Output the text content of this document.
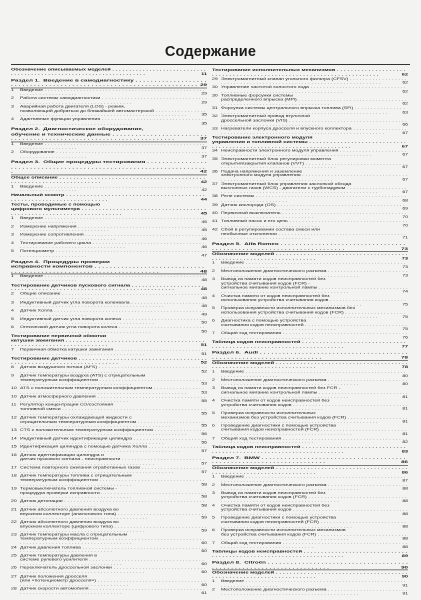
Содержание
Обозначение описываемых моделей . . .
11
Раздел 1.  Введение в самодиагностику . . .
29
1 Введение . . .
29
2 Работа системы самодиагностики . . .
29
3 Аварийная работа двигателя (LOS) - режим,
позволяющий добраться до ближайшей автомастерской . . .
35
4 Адаптивные функции управления . . .
35
Раздел 2.  Диагностическое оборудование,
обучение и технические данные . . .
37
1 Введение . . .
37
2 Оборудование . . .
37
Раздел 3.  Общие процедуры тестирования . . .
42
Общее описание . . .
42
1 Введение . . .
42
Начальный осмотр . . .
44
Тесты, проводимые с помощью
цифрового мультиметра . . .
45
1 Введение . . .
45
2 Измерение напряжения . . .
45
3 Измерение сопротивления . . .
46
4 Тестирование рабочего цикла . . .
46
5 Потенциометр . . .
47
Раздел 4.  Процедуры проверки
исправности компонентов . . .
48
1 Введение . . .
48
Тестирование датчиков пускового сигнала . . .
48
2 Общие описание . . .
48
3 Индуктивный датчик угла поворота коленвала . . .
48
4 Датчик Холла . . .
49
5 Индуктивный датчик угла поворота колесa . . .
50
6 Оптический датчик угла поворота колеса . . .
50
Тестирование первичной обмотки
катушки зажигания . . .
51
7 Первичная обмотка катушки зажигания . . .
51
Тестирование датчиков . . .
52
8 Датчик воздушного потока (AFS) . . .
52
9 Датчик температуры воздуха (ATS) с отрицательным
температурным коэффициентом . . .
53
10 ATS с положительным температурным коэффициентом . . .
53
10 Датчик атмосферного давления . . .
55
11 Регулятор концентрации СО/состояния
топливной смеси . . .
55
12 Датчик температуры охлаждающей жидкости с
отрицательным температурным коэффициентом . . .
55
13 CTS с положительным температурным коэффициентом . . .
56
14 Индуктивный датчик идентификации цилиндра . . .
56
15 Идентификация цилиндра с помощью датчика Холла . . .
57
16 Датчик идентификации цилиндра и
датчик пускового сигнала - неисправности . . .
57
17 Система повторного сжигания отработанных газов . . .
57
18 Датчик температуры топлива с отрицательным
температурным коэффициентом . . .
58
19 Термовыключатель топливной системы -
процедура проверки исправности . . .
58
20 Датчик детонации . . .
58
21 Датчик абсолютного давления воздуха во
впускном коллекторе (аналогового типа) . . .
59
22 Датчик абсолютного давления воздуха во
впускном коллекторе (цифрового типа) . . .
59
23 Датчик температуры масла с отрицательным
температурным коэффициентом . . .
60
24 Датчик давления топлива . . .
60
25 Датчик температуры давления в
системе рулевого усилителя . . .
60
26 Переключатель дроссельной заслонки . . .
60
27 Датчик положения дросселя
(или «потенциометр дросселя») . . .
60
28 Датчик скорости автомобиля . . .
61
Тестирование исполнительных механизмов . . .
62
29 Электромагнитный клапан угольного фильтра (CFSV) . . .
62
30 Управление частотой холостого хода . . .
62
30 Топливные форсунки системы
распределенного впрыска (MPi) . . .
62
31 Форсунка системы центрального впрыска топлива (SFi) . . .
63
32 Электромагнитный привод втулочной
дроссельной заслонки (VIS) . . .
66
33 Нагреватели корпуса дросселя и впускного коллектора . . .
67
Тестирование электронного модуля
управления и топливной системы . . .
67
34 Неисправности электронного модуля управления . . .
67
35 Электромагнитный блок регулировки момента
открытия/закрытия клапанов (VVT) . . .
67
36 Подача напряжения и заземление
электронного модуля управления . . .
67
37 Электромагнитный блок управления заслонкой обхода
выхлопных газов (WCS) - двигатели с турбонадувом . . .
67
38 Реле системы . . .
68
39 Датчик кислорода (OS) . . .
69
40 Первичный выключатель . . .
70
41 Топливный насос и его цепь . . .
70
42 Сбой в регулировании состава смеси или
необычные отклонения . . .
71
Раздел 5.  Alfa Romeo . . .
73
Обозначение моделей . . .
73
1 Введение . . .
73
2 Местоположение диагностического разъема . . .
73
3 Вывод из памяти кодов неисправностей без
устройства считывания кодов (FCR) -
сигнальное мигание контрольной лампы . . .
74
4 Очистка памяти от кодов неисправностей без
использования устройства считывания кодов . . .
75
5 Проверка исправности исполнительных механизмов без
использования устройства считывания кодов (FCR) . . .
75
6 Диагностика с помощью устройства
считывания кодов неисправностей . . .
75
7 Общий ход тестирования . . .
76
Таблица кодов неисправностей . . .
77
Раздел 6.  Audi . . .
78
Обозначение моделей . . .
78
1 Введение . . .
80
2 Местоположение диагностического разъема . . .
80
3 Вывод из памяти кодов неисправностей без FCR -
сигнальное мигание контрольной лампы . . .
81
4 Очистка памяти от кодов неисправностей без
устройства считывания кодов . . .
81
5 Проверка исправности исполнительных
механизмов без устройства считывания кодов (FCR) . . .
81
6 Проведение диагностики с помощью устройства
считывания кодов неисправностей (FCR) . . .
81
7 Общий ход тестирования . . .
82
Таблица кодов неисправностей . . .
83
Раздел 7.  BMW . . .
86
Обозначение моделей . . .
86
1 Введение . . .
87
2 Местоположение диагностического разъема . . .
88
3 Вывод из памяти кодов неисправностей без
устройства считывания кодов (FCR) . . .
88
4 Очистка памяти от кодов неисправностей без
устройства считывания кодов . . .
88
5 Проведение диагностики с помощью устройства
считывания кодов неисправностей (FCR) . . .
88
6 Проверка исправности исполнительных механизмов
без устройства считывания кодов (FCR) . . .
88
7 Общий ход тестирования . . .
88
Таблицы кодов неисправностей . . .
89
Раздел 8.  Citroën . . .
90
Обозначение моделей . . .
90
1 Введение . . .
91
2 Местоположение диагностического разъема . . .
91
